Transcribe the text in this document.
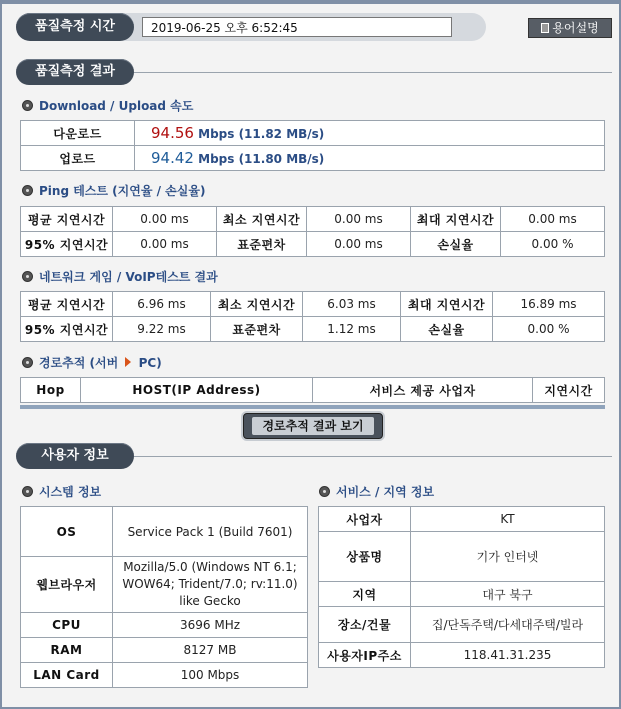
품질측정 시간
2019-06-25 오후 6:52:45	용어설명
품질측정 결과
Download / Upload 속도
다운로드	94.56 Mbps (11.82 MB/s)
업로드	94.42 Mbps (11.80 MB/s)
Ping 테스트 (지연율 / 손실율)
평균 지연시간	0.00 ms	최소 지연시간	0.00 ms	최대 지연시간	0.00 ms
95% 지연시간	0.00 ms	표준편차	0.00 ms	손실율	0.00 %
네트워크 게임 / VoIP테스트 결과
평균 지연시간	6.96 ms	최소 지연시간	6.03 ms	최대 지연시간	16.89 ms
95% 지연시간	9.22 ms	표준편차	1.12 ms	손실율	0.00 %
경로추적 (서버 PC)
Hop	HOST(IP Address)	서비스 제공 사업자	지연시간
경로추적 결과 보기
사용자 정보
시스템 정보
OS	Service Pack 1 (Build 7601)
웹브라우저	Mozilla/5.0 (Windows NT 6.1; WOW64; Trident/7.0; rv:11.0) like Gecko
CPU	3696 MHz
RAM	8127 MB
LAN Card	100 Mbps
서비스 / 지역 정보
사업자	KT
상품명	기가 인터넷
지역	대구 북구
장소/건물	집/단독주택/다세대주택/빌라
사용자IP주소	118.41.31.235
